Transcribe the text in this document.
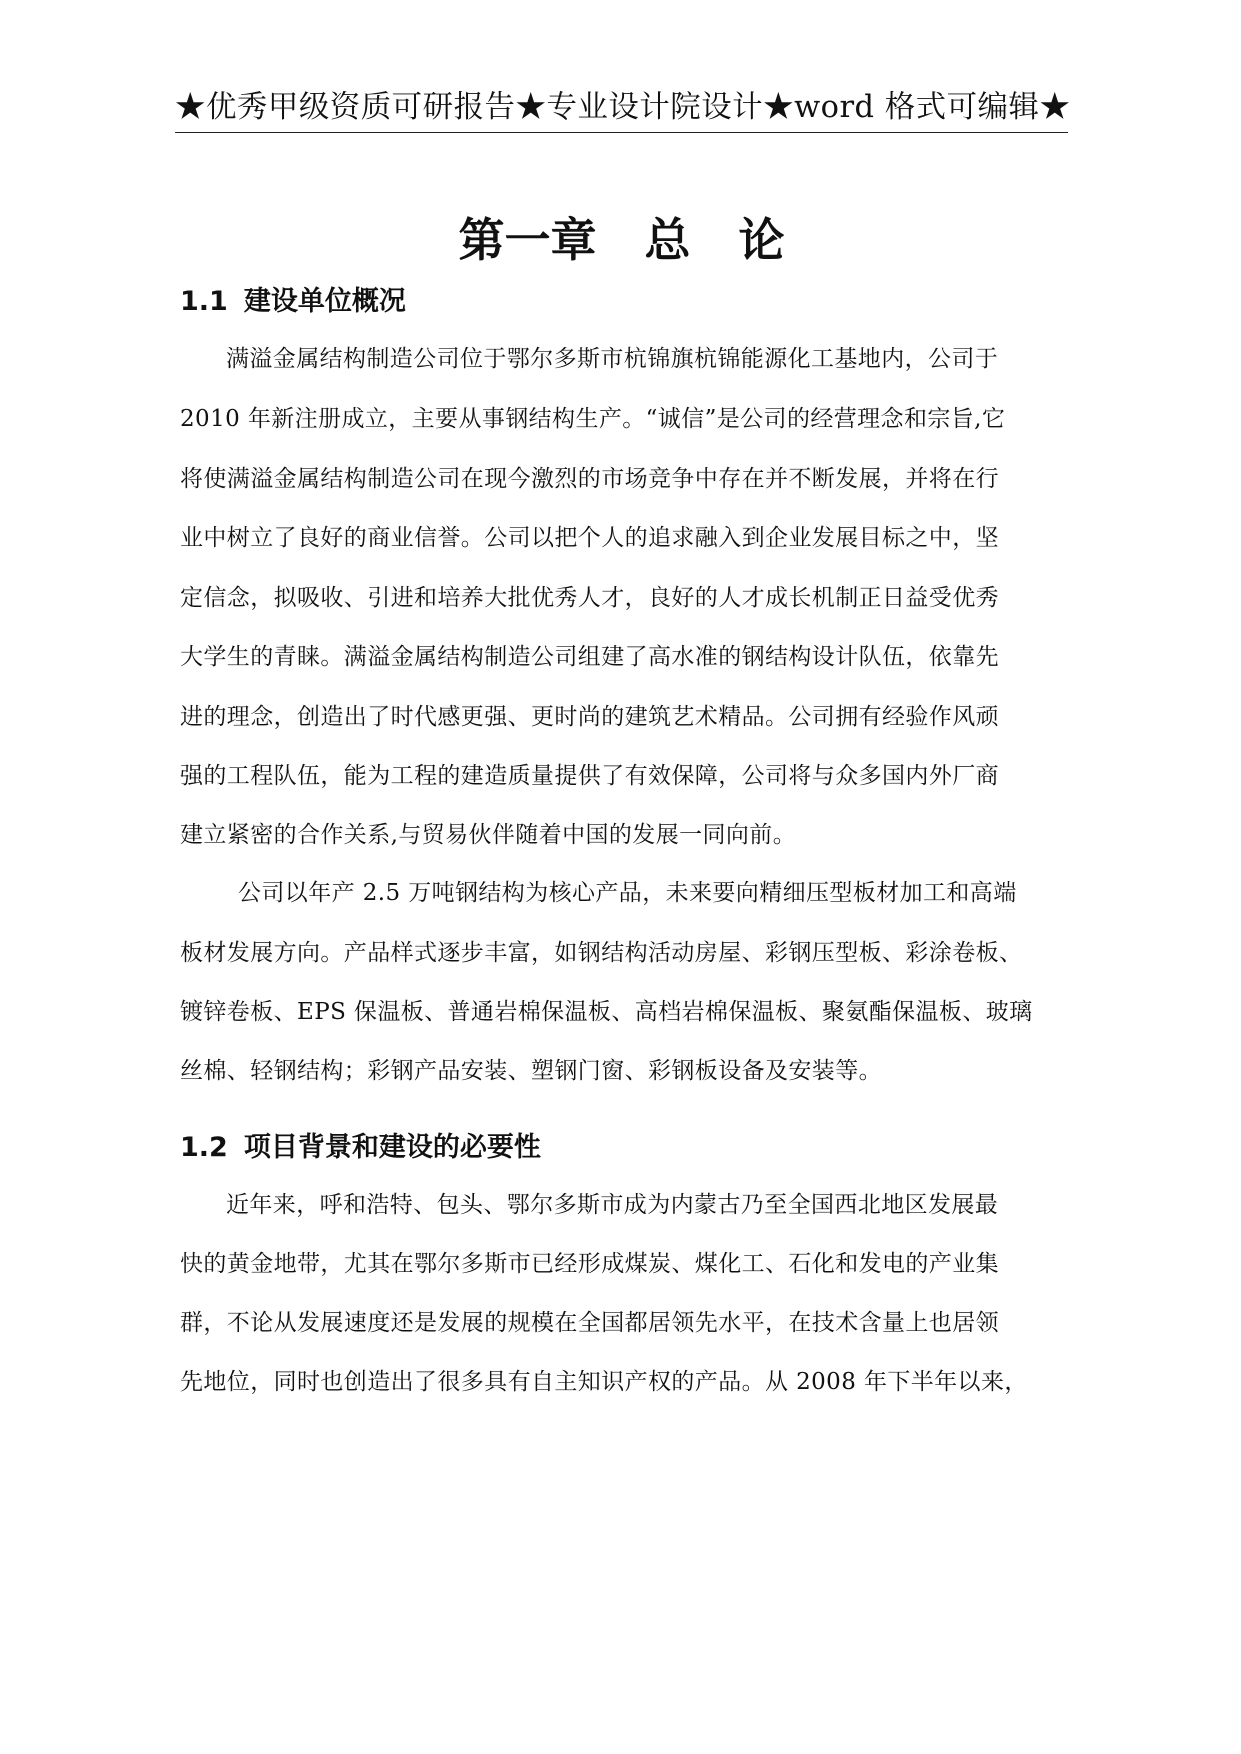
★优秀甲级资质可研报告★专业设计院设计★word 格式可编辑★
第一章 总 论
1.1 建设单位概况
满溢金属结构制造公司位于鄂尔多斯市杭锦旗杭锦能源化工基地内，公司于
2010 年新注册成立，主要从事钢结构生产。“诚信”是公司的经营理念和宗旨,它
将使满溢金属结构制造公司在现今激烈的市场竞争中存在并不断发展，并将在行
业中树立了良好的商业信誉。公司以把个人的追求融入到企业发展目标之中，坚
定信念，拟吸收、引进和培养大批优秀人才，良好的人才成长机制正日益受优秀
大学生的青睐。满溢金属结构制造公司组建了高水准的钢结构设计队伍，依靠先
进的理念，创造出了时代感更强、更时尚的建筑艺术精品。公司拥有经验作风顽
强的工程队伍，能为工程的建造质量提供了有效保障，公司将与众多国内外厂商
建立紧密的合作关系,与贸易伙伴随着中国的发展一同向前。
公司以年产 2.5 万吨钢结构为核心产品，未来要向精细压型板材加工和高端
板材发展方向。产品样式逐步丰富，如钢结构活动房屋、彩钢压型板、彩涂卷板、
镀锌卷板、EPS 保温板、普通岩棉保温板、高档岩棉保温板、聚氨酯保温板、玻璃
丝棉、轻钢结构；彩钢产品安装、塑钢门窗、彩钢板设备及安装等。
1.2 项目背景和建设的必要性
近年来，呼和浩特、包头、鄂尔多斯市成为内蒙古乃至全国西北地区发展最
快的黄金地带，尤其在鄂尔多斯市已经形成煤炭、煤化工、石化和发电的产业集
群，不论从发展速度还是发展的规模在全国都居领先水平，在技术含量上也居领
先地位，同时也创造出了很多具有自主知识产权的产品。从 2008 年下半年以来，
